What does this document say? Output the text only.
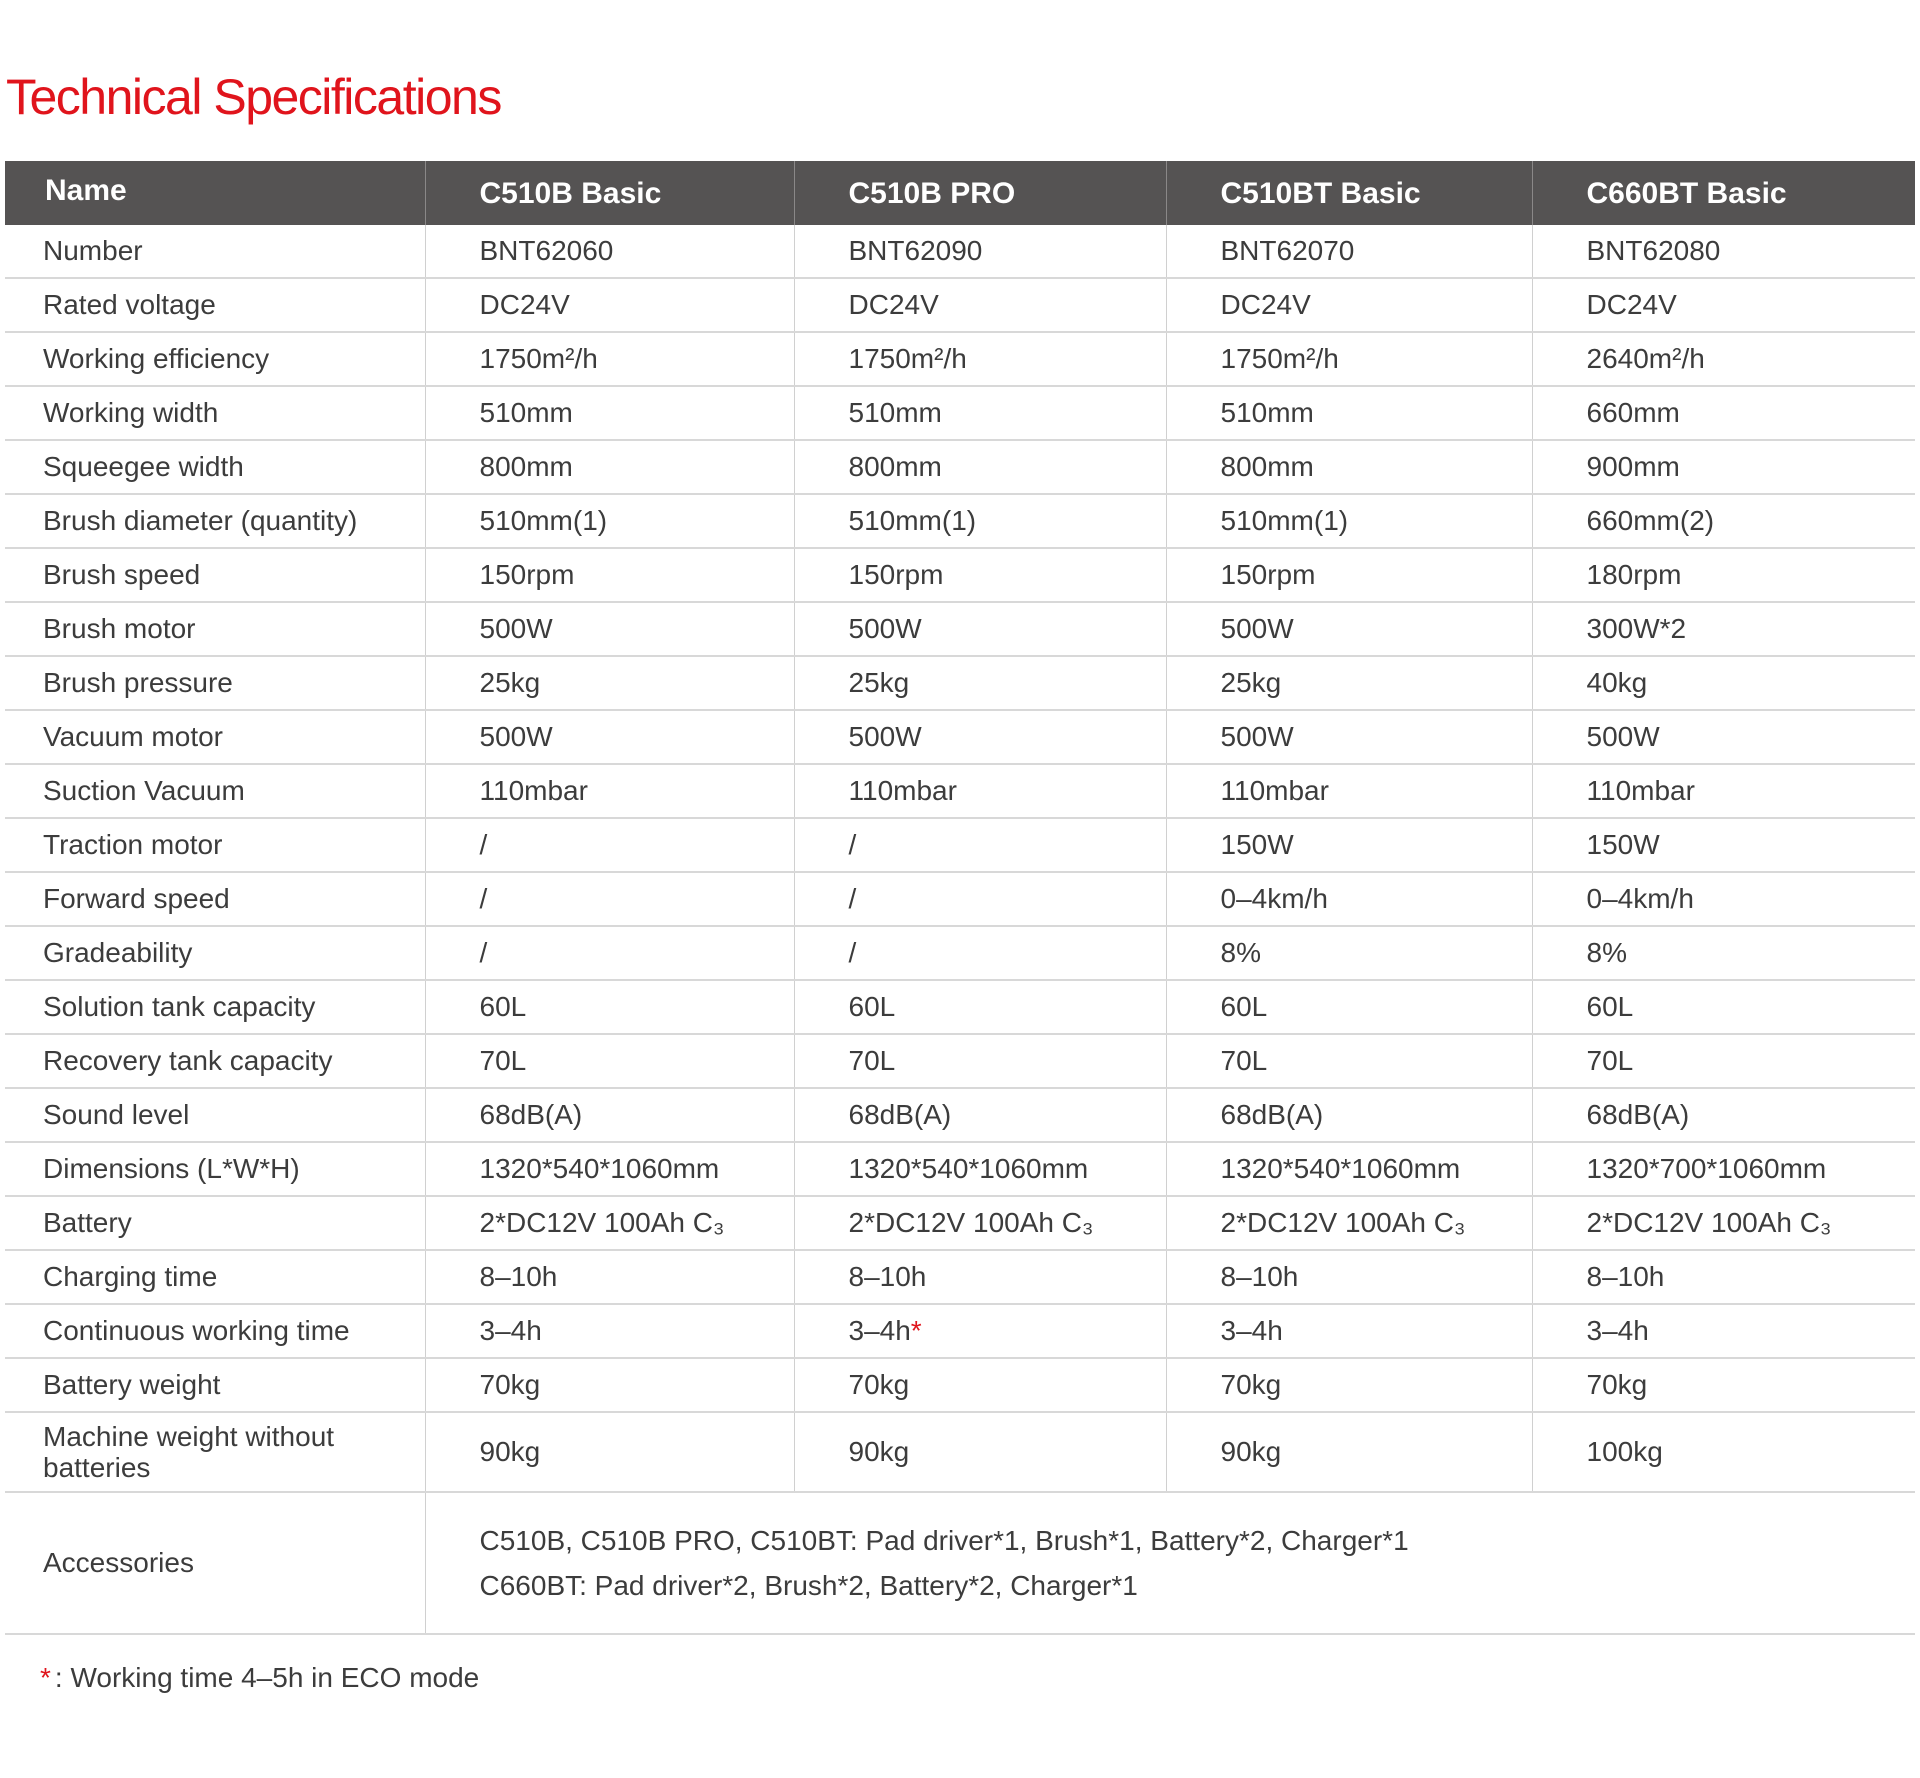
Technical Specifications
Name	C510B Basic	C510B PRO	C510BT Basic	C660BT Basic

Number	BNT62060	BNT62090	BNT62070	BNT62080

Rated voltage	DC24V	DC24V	DC24V	DC24V

Working efficiency	1750m²/h	1750m²/h	1750m²/h	2640m²/h

Working width	510mm	510mm	510mm	660mm

Squeegee width	800mm	800mm	800mm	900mm

Brush diameter (quantity)	510mm(1)	510mm(1)	510mm(1)	660mm(2)

Brush speed	150rpm	150rpm	150rpm	180rpm

Brush motor	500W	500W	500W	300W*2

Brush pressure	25kg	25kg	25kg	40kg

Vacuum motor	500W	500W	500W	500W

Suction Vacuum	110mbar	110mbar	110mbar	110mbar

Traction motor	/	/	150W	150W

Forward speed	/	/	0–4km/h	0–4km/h

Gradeability	/	/	8%	8%

Solution tank capacity	60L	60L	60L	60L

Recovery tank capacity	70L	70L	70L	70L

Sound level	68dB(A)	68dB(A)	68dB(A)	68dB(A)

Dimensions (L*W*H)	1320*540*1060mm	1320*540*1060mm	1320*540*1060mm	1320*700*1060mm

Battery	2*DC12V 100Ah C₃	2*DC12V 100Ah C₃	2*DC12V 100Ah C₃	2*DC12V 100Ah C₃

Charging time	8–10h	8–10h	8–10h	8–10h

Continuous working time	3–4h	3–4h*	3–4h	3–4h

Battery weight	70kg	70kg	70kg	70kg

Machine weight without batteries	90kg	90kg	90kg	100kg

Accessories	C510B, C510B PRO, C510BT: Pad driver*1, Brush*1, Battery*2, Charger*1
C660BT: Pad driver*2, Brush*2, Battery*2, Charger*1			
* : Working time 4–5h in ECO mode
